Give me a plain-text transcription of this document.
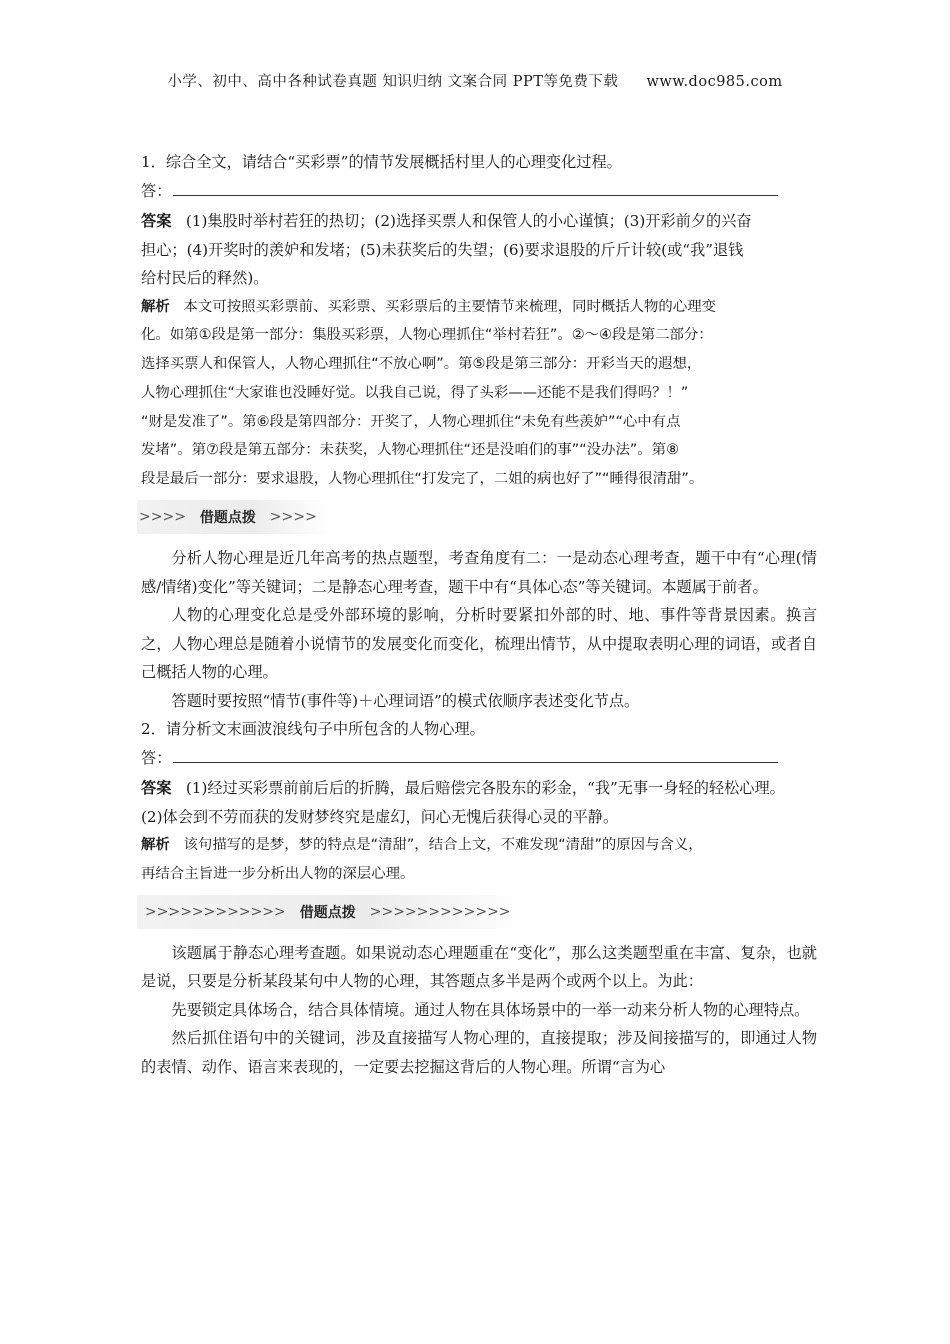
小学、初中、高中各种试卷真题 知识归纳 文案合同 PPT等免费下载 www.doc985.com
1．综合全文，请结合“买彩票”的情节发展概括村里人的心理变化过程。
答：
答案 (1)集股时举村若狂的热切；(2)选择买票人和保管人的小心谨慎；(3)开彩前夕的兴奋
担心；(4)开奖时的羡妒和发堵；(5)未获奖后的失望；(6)要求退股的斤斤计较(或“我”退钱
给村民后的释然)。
解析 本文可按照买彩票前、买彩票、买彩票后的主要情节来梳理，同时概括人物的心理变
化。如第①段是第一部分：集股买彩票，人物心理抓住“举村若狂”。②～④段是第二部分：
选择买票人和保管人，人物心理抓住“不放心啊”。第⑤段是第三部分：开彩当天的遐想，
人物心理抓住“大家谁也没睡好觉。以我自己说，得了头彩——还能不是我们得吗？！”
“财是发准了”。第⑥段是第四部分：开奖了，人物心理抓住“未免有些羡妒”“心中有点
发堵”。第⑦段是第五部分：未获奖，人物心理抓住“还是没咱们的事”“没办法”。第⑧
段是最后一部分：要求退股，人物心理抓住“打发完了，二姐的病也好了”“睡得很清甜”。
>>>> 借题点拨 >>>>
分析人物心理是近几年高考的热点题型，考查角度有二：一是动态心理考查，题干中有“心理(情感/情绪)变化”等关键词；二是静态心理考查，题干中有“具体心态”等关键词。本题属于前者。
人物的心理变化总是受外部环境的影响，分析时要紧扣外部的时、地、事件等背景因素。换言之，人物心理总是随着小说情节的发展变化而变化，梳理出情节，从中提取表明心理的词语，或者自己概括人物的心理。
答题时要按照“情节(事件等)＋心理词语”的模式依顺序表述变化节点。
2．请分析文末画波浪线句子中所包含的人物心理。
答：
答案 (1)经过买彩票前前后后的折腾，最后赔偿完各股东的彩金，“我”无事一身轻的轻松心理。
(2)体会到不劳而获的发财梦终究是虚幻，问心无愧后获得心灵的平静。
解析 该句描写的是梦，梦的特点是“清甜”，结合上文，不难发现“清甜”的原因与含义，
再结合主旨进一步分析出人物的深层心理。
>>>>>>>>>>>> 借题点拨 >>>>>>>>>>>>
该题属于静态心理考查题。如果说动态心理题重在“变化”，那么这类题型重在丰富、复杂，也就是说，只要是分析某段某句中人物的心理，其答题点多半是两个或两个以上。为此：
先要锁定具体场合，结合具体情境。通过人物在具体场景中的一举一动来分析人物的心理特点。
然后抓住语句中的关键词，涉及直接描写人物心理的，直接提取；涉及间接描写的，即通过人物的表情、动作、语言来表现的，一定要去挖掘这背后的人物心理。所谓“言为心
